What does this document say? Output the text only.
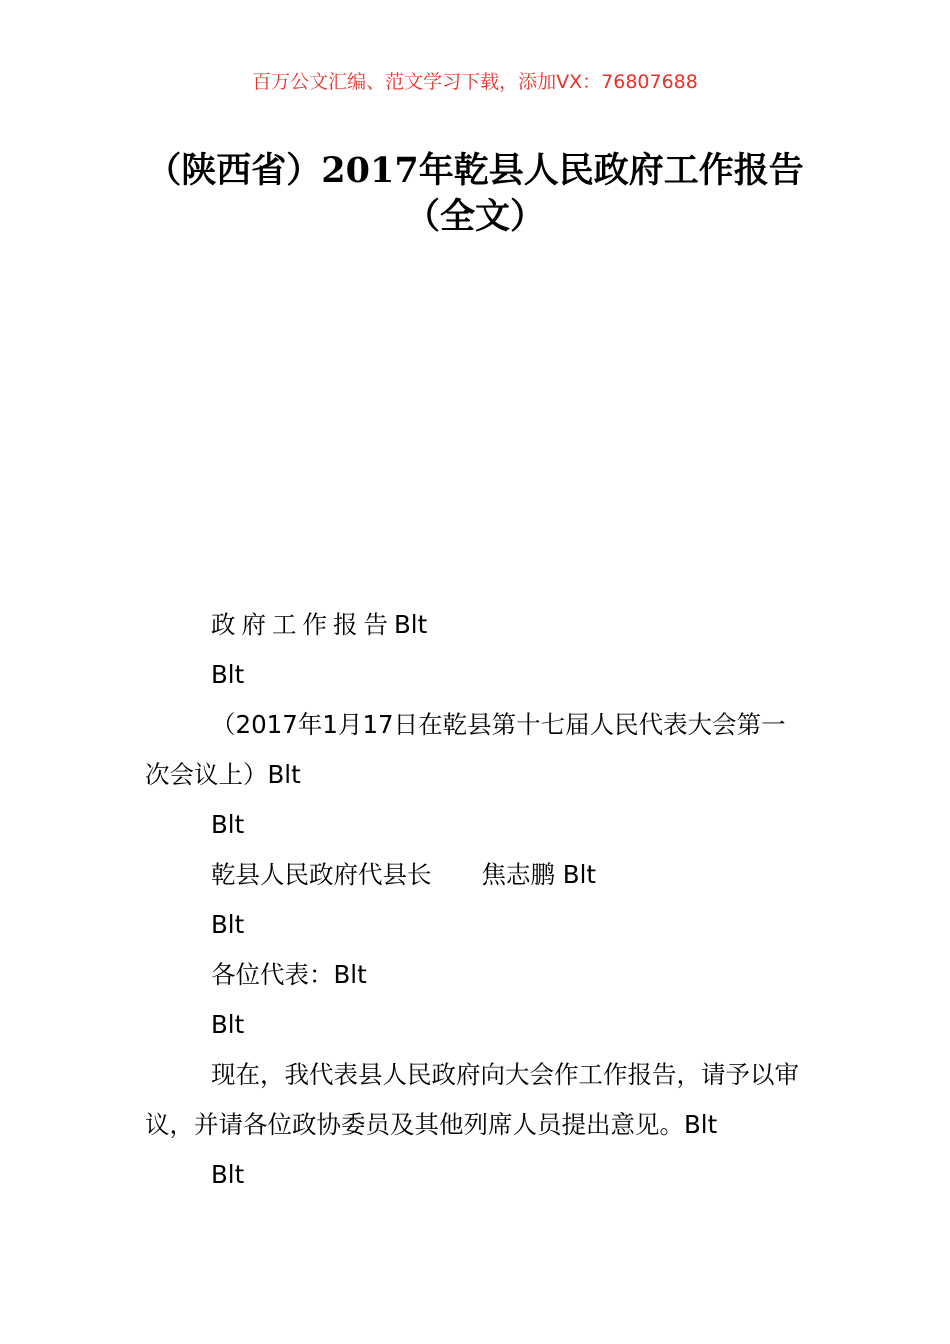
百万公文汇编、范文学习下载，添加VX：76807688
（陕西省）2017年乾县人民政府工作报告
（全文）

政府工作报告Blt

Blt

（2017年1月17日在乾县第十七届人民代表大会第一次会议上）Blt

Blt

乾县人民政府代县长 焦志鹏 Blt

Blt

各位代表：Blt

Blt

现在，我代表县人民政府向大会作工作报告，请予以审议，并请各位政协委员及其他列席人员提出意见。Blt

Blt
